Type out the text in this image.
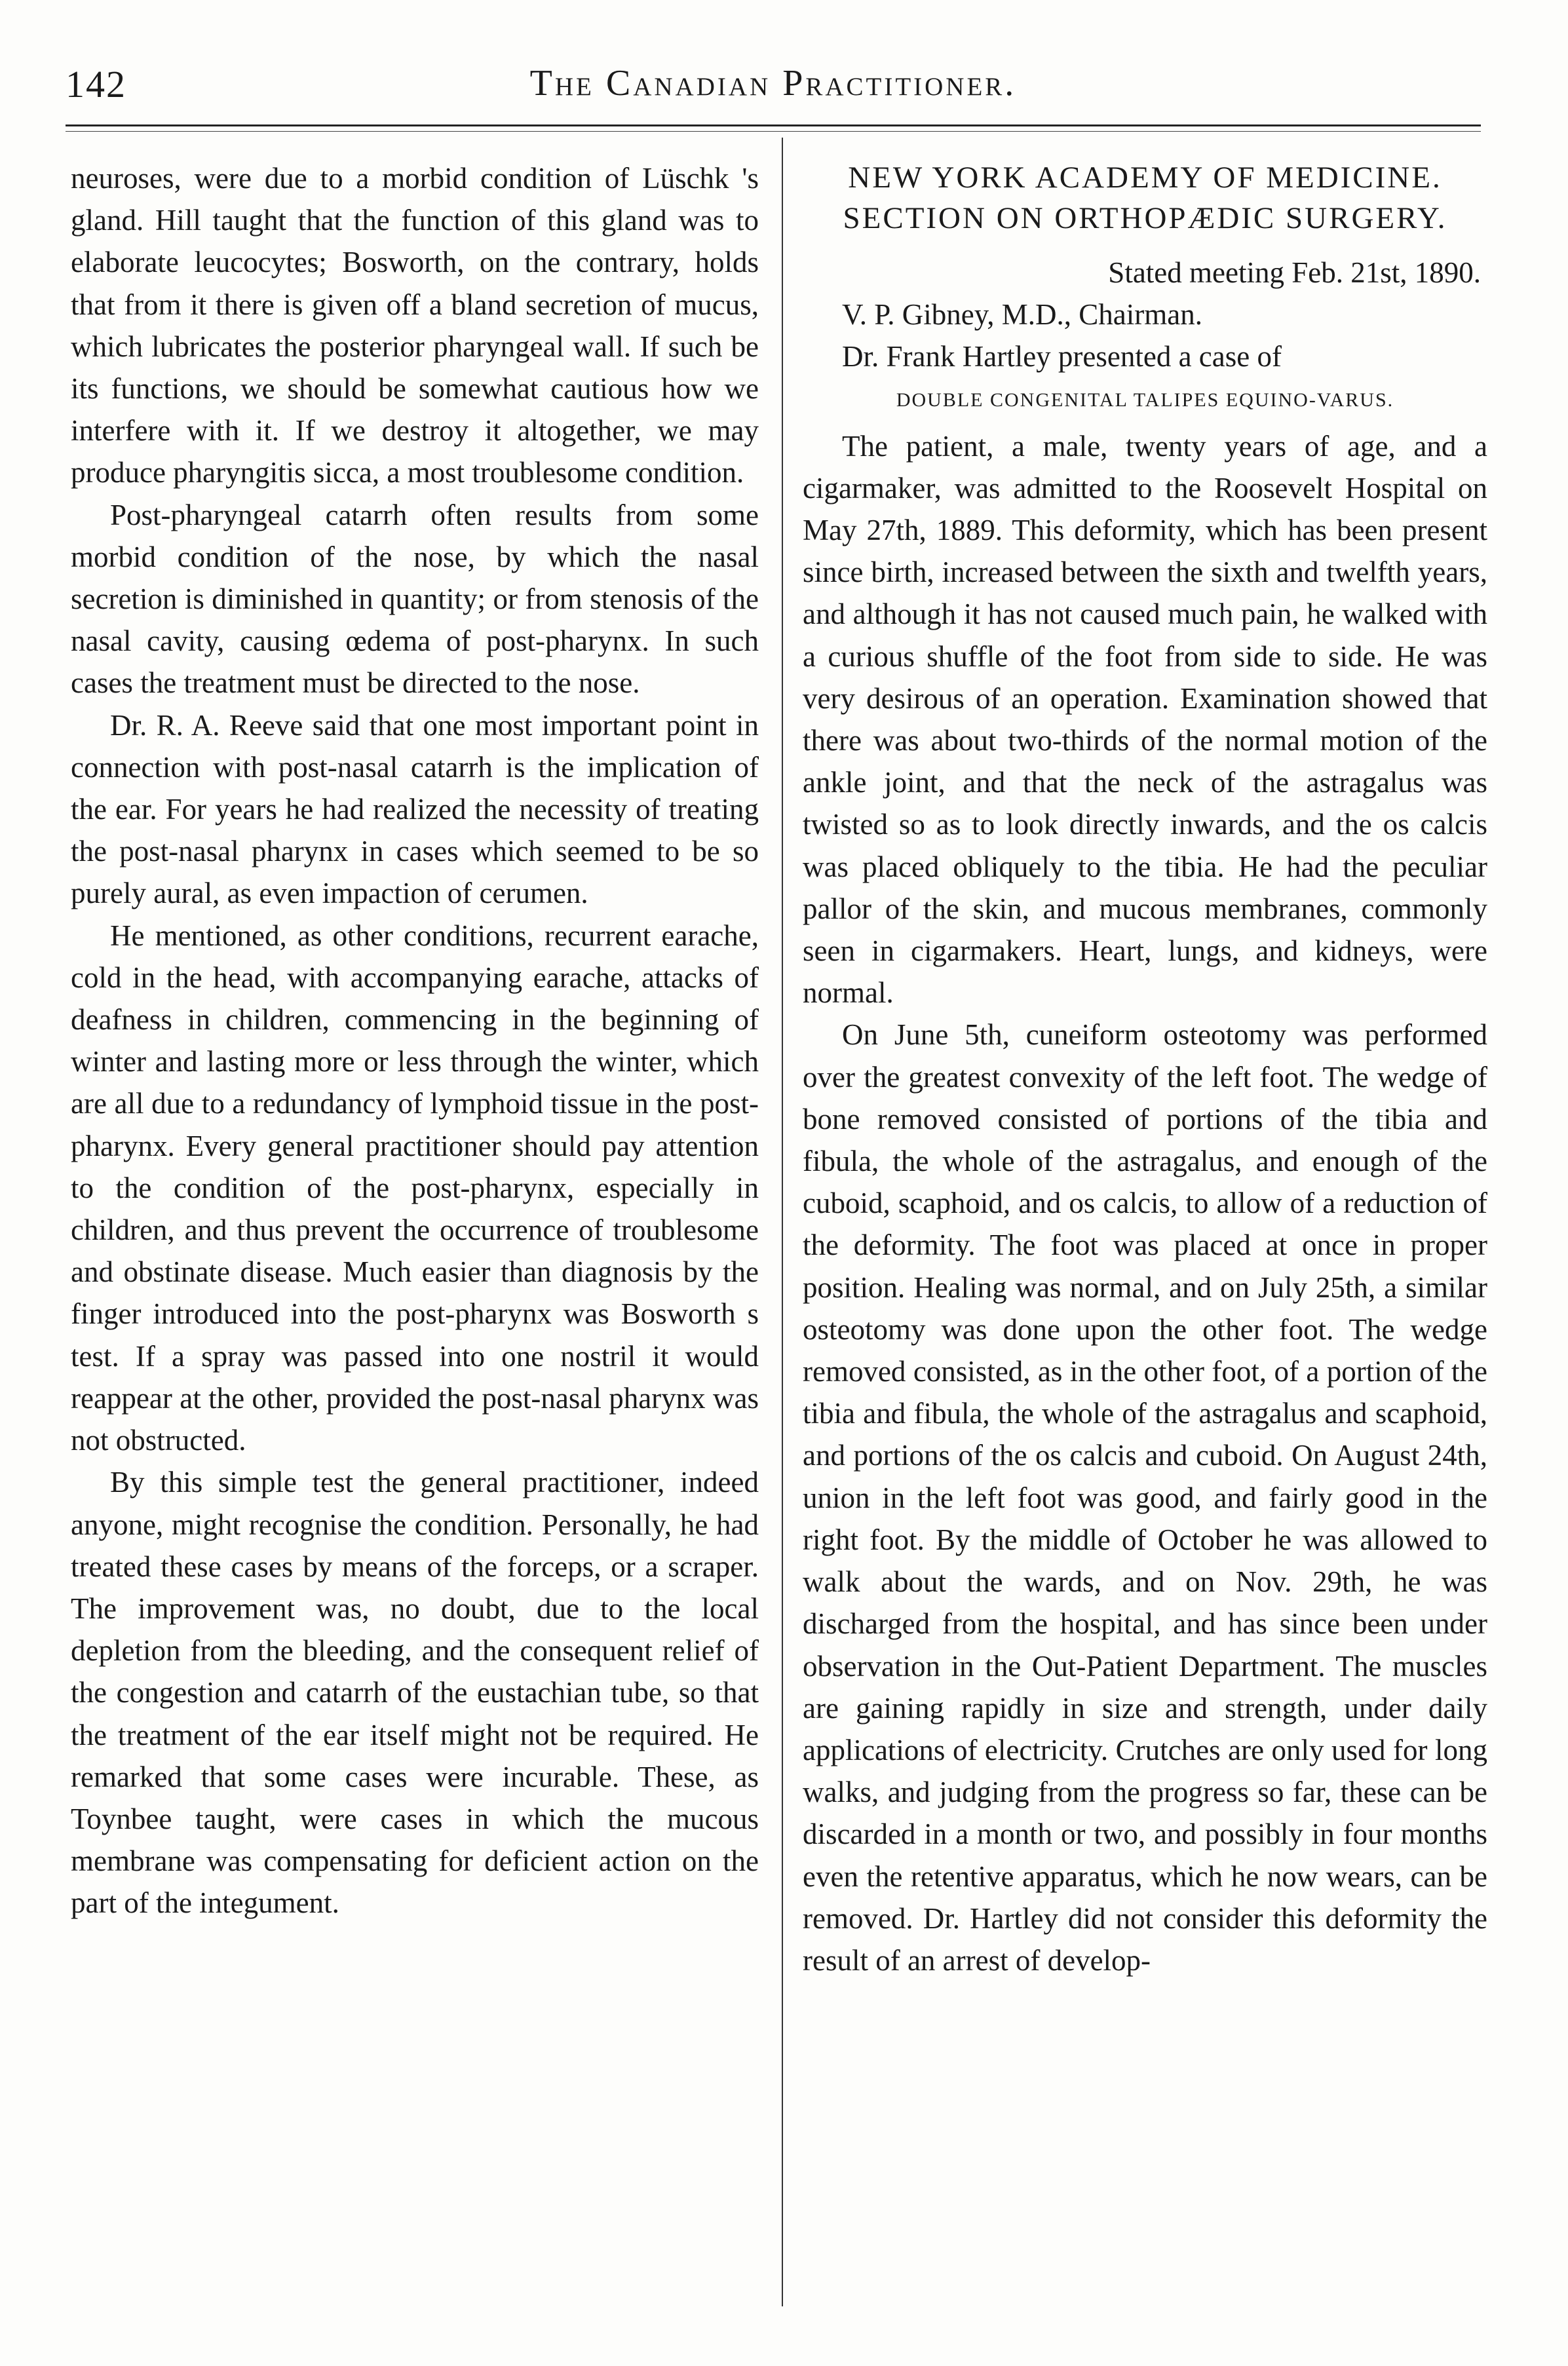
142	The Canadian Practitioner.

neuroses, were due to a morbid condition of Lüschk 's gland. Hill taught that the function of this gland was to elaborate leucocytes; Bosworth, on the contrary, holds that from it there is given off a bland secretion of mucus, which lubricates the posterior pharyngeal wall. If such be its functions, we should be somewhat cautious how we interfere with it. If we destroy it altogether, we may produce pharyngitis sicca, a most troublesome condition.

Post-pharyngeal catarrh often results from some morbid condition of the nose, by which the nasal secretion is diminished in quantity; or from stenosis of the nasal cavity, causing œdema of post-pharynx. In such cases the treatment must be directed to the nose.

Dr. R. A. Reeve said that one most important point in connection with post-nasal catarrh is the implication of the ear. For years he had realized the necessity of treating the post-nasal pharynx in cases which seemed to be so purely aural, as even impaction of cerumen.

He mentioned, as other conditions, recurrent earache, cold in the head, with accompanying earache, attacks of deafness in children, commencing in the beginning of winter and lasting more or less through the winter, which are all due to a redundancy of lymphoid tissue in the post-pharynx. Every general practitioner should pay attention to the condition of the post-pharynx, especially in children, and thus prevent the occurrence of troublesome and obstinate disease. Much easier than diagnosis by the finger introduced into the post-pharynx was Bosworth s test. If a spray was passed into one nostril it would reappear at the other, provided the post-nasal pharynx was not obstructed.

By this simple test the general practitioner, indeed anyone, might recognise the condition. Personally, he had treated these cases by means of the forceps, or a scraper. The improvement was, no doubt, due to the local depletion from the bleeding, and the consequent relief of the congestion and catarrh of the eustachian tube, so that the treatment of the ear itself might not be required. He remarked that some cases were incurable. These, as Toynbee taught, were cases in which the mucous membrane was compensating for deficient action on the part of the integument.

NEW YORK ACADEMY OF MEDICINE. SECTION ON ORTHOPÆDIC SURGERY.

Stated meeting Feb. 21st, 1890.

V. P. Gibney, M.D., Chairman.

Dr. Frank Hartley presented a case of

DOUBLE CONGENITAL TALIPES EQUINO-VARUS.

The patient, a male, twenty years of age, and a cigarmaker, was admitted to the Roosevelt Hospital on May 27th, 1889. This deformity, which has been present since birth, increased between the sixth and twelfth years, and although it has not caused much pain, he walked with a curious shuffle of the foot from side to side. He was very desirous of an operation. Examination showed that there was about two-thirds of the normal motion of the ankle joint, and that the neck of the astragalus was twisted so as to look directly inwards, and the os calcis was placed obliquely to the tibia. He had the peculiar pallor of the skin, and mucous membranes, commonly seen in cigarmakers. Heart, lungs, and kidneys, were normal.

On June 5th, cuneiform osteotomy was performed over the greatest convexity of the left foot. The wedge of bone removed consisted of portions of the tibia and fibula, the whole of the astragalus, and enough of the cuboid, scaphoid, and os calcis, to allow of a reduction of the deformity. The foot was placed at once in proper position. Healing was normal, and on July 25th, a similar osteotomy was done upon the other foot. The wedge removed consisted, as in the other foot, of a portion of the tibia and fibula, the whole of the astragalus and scaphoid, and portions of the os calcis and cuboid. On August 24th, union in the left foot was good, and fairly good in the right foot. By the middle of October he was allowed to walk about the wards, and on Nov. 29th, he was discharged from the hospital, and has since been under observation in the Out-Patient Department. The muscles are gaining rapidly in size and strength, under daily applications of electricity. Crutches are only used for long walks, and judging from the progress so far, these can be discarded in a month or two, and possibly in four months even the retentive apparatus, which he now wears, can be removed. Dr. Hartley did not consider this deformity the result of an arrest of develop-
